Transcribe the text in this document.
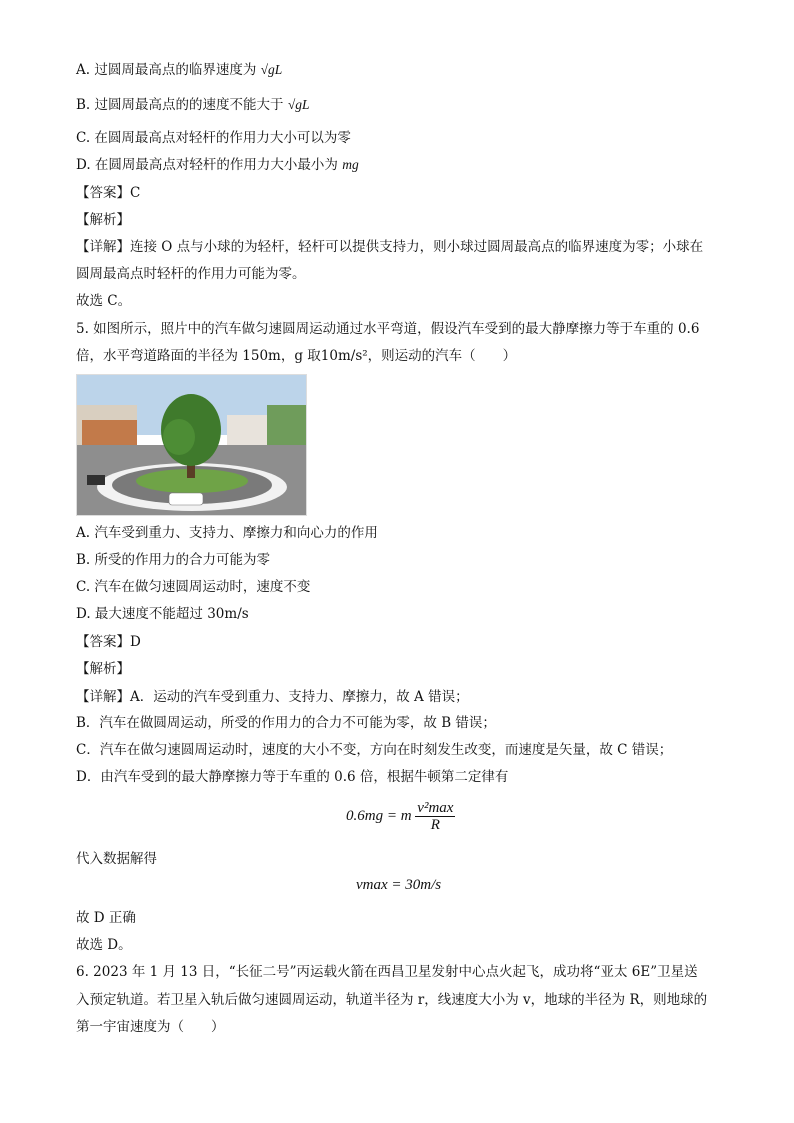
A. 过圆周最高点的临界速度为 √gL
B. 过圆周最高点的的速度不能大于 √gL
C. 在圆周最高点对轻杆的作用力大小可以为零
D. 在圆周最高点对轻杆的作用力大小最小为 mg
【答案】C
【解析】
【详解】连接 O 点与小球的为轻杆，轻杆可以提供支持力，则小球过圆周最高点的临界速度为零；小球在
圆周最高点时轻杆的作用力可能为零。
故选 C。
5. 如图所示，照片中的汽车做匀速圆周运动通过水平弯道，假设汽车受到的最大静摩擦力等于车重的 0.6
倍，水平弯道路面的半径为 150m，g 取10m/s²，则运动的汽车（　　）
A. 汽车受到重力、支持力、摩擦力和向心力的作用
B. 所受的作用力的合力可能为零
C. 汽车在做匀速圆周运动时，速度不变
D. 最大速度不能超过 30m/s
【答案】D
【解析】
【详解】A．运动的汽车受到重力、支持力、摩擦力，故 A 错误；
B．汽车在做圆周运动，所受的作用力的合力不可能为零，故 B 错误；
C．汽车在做匀速圆周运动时，速度的大小不变，方向在时刻发生改变，而速度是矢量，故 C 错误；
D．由汽车受到的最大静摩擦力等于车重的 0.6 倍，根据牛顿第二定律有
0.6mg = m $\frac{\text{v²max}}{R}$
代入数据解得
vmax = 30m/s
故 D 正确
故选 D。
6. 2023 年 1 月 13 日，“长征二号”丙运载火箭在西昌卫星发射中心点火起飞，成功将“亚太 6E”卫星送
入预定轨道。若卫星入轨后做匀速圆周运动，轨道半径为 r，线速度大小为 v，地球的半径为 R，则地球的
第一宇宙速度为（　　）
